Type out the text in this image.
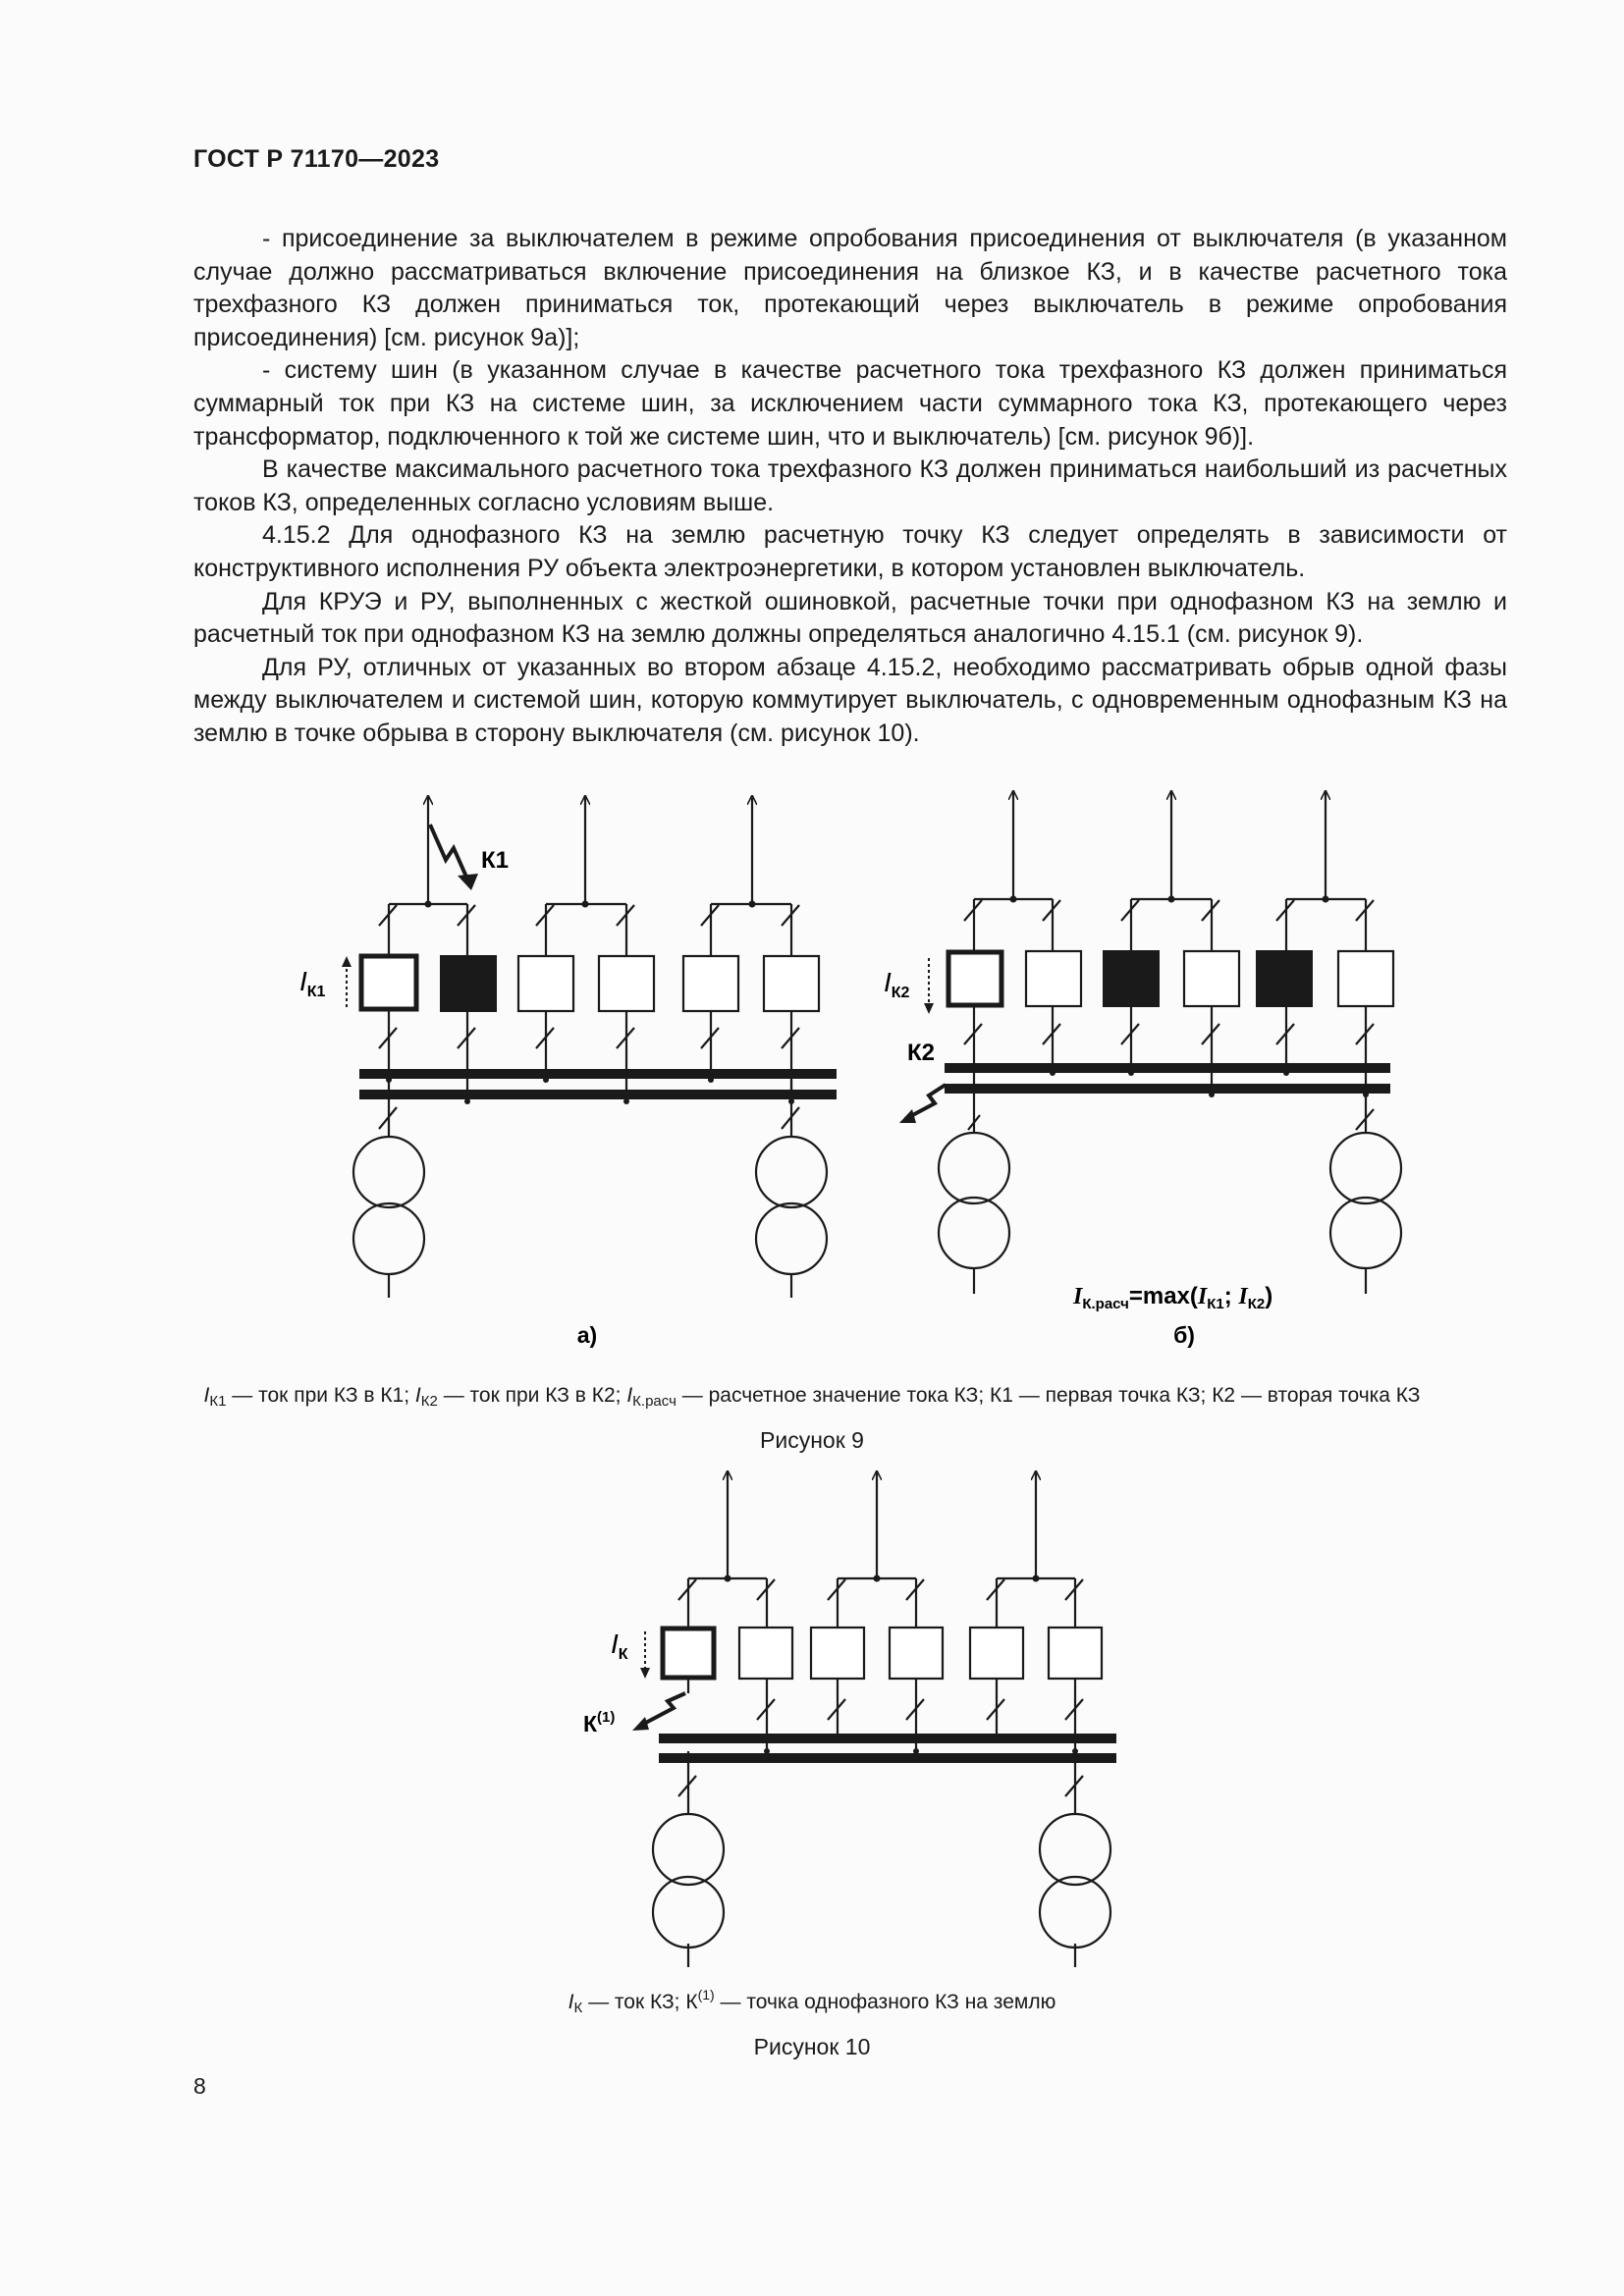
ГОСТ Р 71170—2023

- присоединение за выключателем в режиме опробования присоединения от выключателя (в указанном случае должно рассматриваться включение присоединения на близкое КЗ, и в качестве расчетного тока трехфазного КЗ должен приниматься ток, протекающий через выключатель в режиме опробования присоединения) [см. рисунок 9а)];

- систему шин (в указанном случае в качестве расчетного тока трехфазного КЗ должен приниматься суммарный ток при КЗ на системе шин, за исключением части суммарного тока КЗ, протекающего через трансформатор, подключенного к той же системе шин, что и выключатель) [см. рисунок 9б)].

В качестве максимального расчетного тока трехфазного КЗ должен приниматься наибольший из расчетных токов КЗ, определенных согласно условиям выше.

4.15.2 Для однофазного КЗ на землю расчетную точку КЗ следует определять в зависимости от конструктивного исполнения РУ объекта электроэнергетики, в котором установлен выключатель.

Для КРУЭ и РУ, выполненных с жесткой ошиновкой, расчетные точки при однофазном КЗ на землю и расчетный ток при однофазном КЗ на землю должны определяться аналогично 4.15.1 (см. рисунок 9).

Для РУ, отличных от указанных во втором абзаце 4.15.2, необходимо рассматривать обрыв одной фазы между выключателем и системой шин, которую коммутирует выключатель, с одновременным однофазным КЗ на землю в точке обрыва в сторону выключателя (см. рисунок 10).

$I_{К1}$
К1
а)
$I_{К2}$
К2
б)
$I_{К.расч}=\max(I_{К1}$; $I_{К2}$)
$I_{К1}$ — ток при КЗ в К1; $I_{К2}$ — ток при КЗ в К2; $I_{К.расч}$ — расчетное значение тока КЗ; К1 — первая точка КЗ; К2 — вторая точка КЗ
Рисунок 9
$I_К$
$К^{(1)}$
$I_К$ — ток КЗ; $К^{(1)}$ — точка однофазного КЗ на землю
Рисунок 10
8
